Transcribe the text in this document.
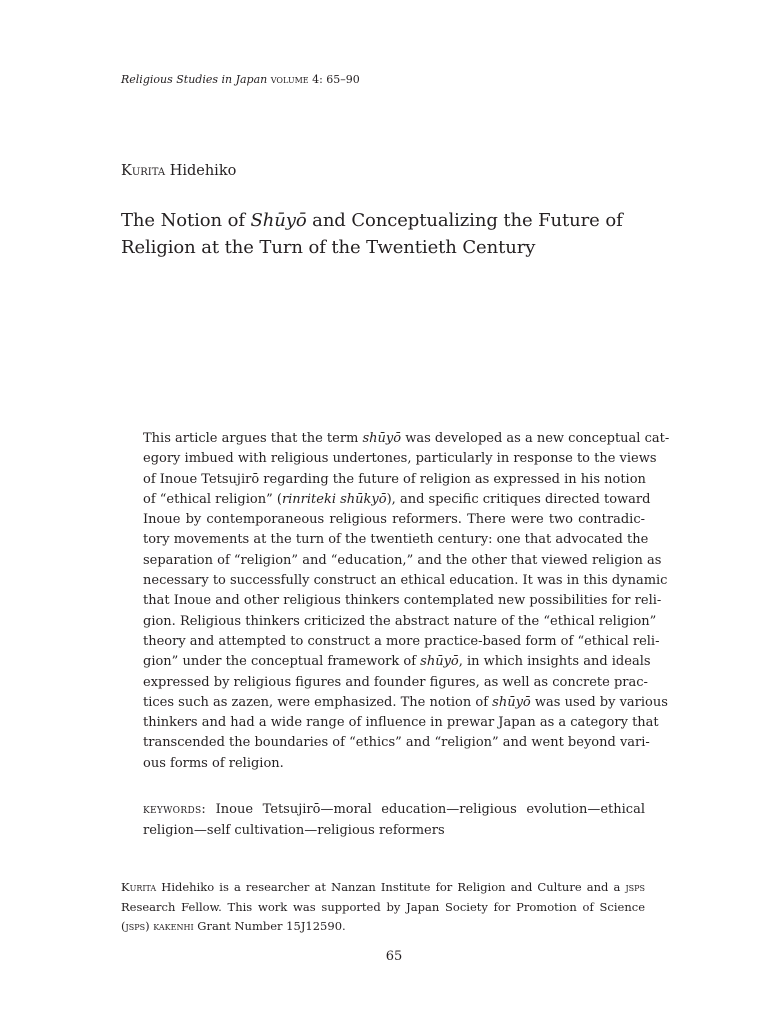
Religious Studies in Japan volume 4: 65–90
Kurita Hidehiko
The Notion of Shūyō and Conceptualizing the Future of
Religion at the Turn of the Twentieth Century
This article argues that the term shūyō was developed as a new conceptual cat-
egory imbued with religious undertones, particularly in response to the views
of Inoue Tetsujirō regarding the future of religion as expressed in his notion
of “ethical religion” (rinriteki shūkyō), and specific critiques directed toward
Inoue by contemporaneous religious reformers. There were two contradic-
tory movements at the turn of the twentieth century: one that advocated the
separation of “religion” and “education,” and the other that viewed religion as
necessary to successfully construct an ethical education. It was in this dynamic
that Inoue and other religious thinkers contemplated new possibilities for reli-
gion. Religious thinkers criticized the abstract nature of the “ethical religion”
theory and attempted to construct a more practice-based form of “ethical reli-
gion” under the conceptual framework of shūyō, in which insights and ideals
expressed by religious figures and founder figures, as well as concrete prac-
tices such as zazen, were emphasized. The notion of shūyō was used by various
thinkers and had a wide range of influence in prewar Japan as a category that
transcended the boundaries of “ethics” and “religion” and went beyond vari-
ous forms of religion.
keywords: Inoue Tetsujirō—moral education—religious evolution—ethical
religion—self cultivation—religious reformers
Kurita Hidehiko is a researcher at Nanzan Institute for Religion and Culture and a jsps
Research Fellow. This work was supported by Japan Society for Promotion of Science
(jsps) kakenhi Grant Number 15J12590.
65
